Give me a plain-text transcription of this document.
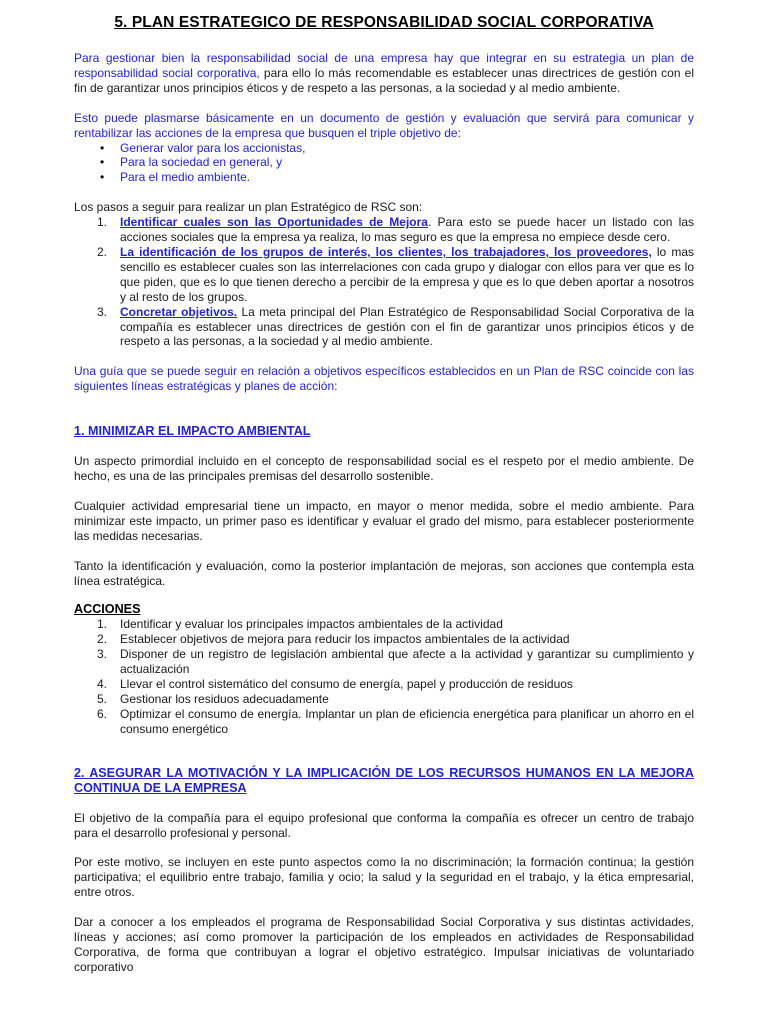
5. PLAN ESTRATEGICO DE RESPONSABILIDAD SOCIAL CORPORATIVA

Para gestionar bien la responsabilidad social de una empresa hay que integrar en su estrategia un plan de responsabilidad social corporativa, para ello lo más recomendable es establecer unas directrices de gestión con el fin de garantizar unos principios éticos y de respeto a las personas, a la sociedad y al medio ambiente.

Esto puede plasmarse básicamente en un documento de gestión y evaluación que servirá para comunicar y rentabilizar las acciones de la empresa que busquen el triple objetivo de:

• Generar valor para los accionistas,
• Para la sociedad en general, y
• Para el medio ambiente.

Los pasos a seguir para realizar un plan Estratégico de RSC son:

1. Identificar cuales son las Oportunidades de Mejora. Para esto se puede hacer un listado con las acciones sociales que la empresa ya realiza, lo mas seguro es que la empresa no empiece desde cero.
2. La identificación de los grupos de interés, los clientes, los trabajadores, los proveedores, lo mas sencillo es establecer cuales son las interrelaciones con cada grupo y dialogar con ellos para ver que es lo que piden, que es lo que tienen derecho a percibir de la empresa y que es lo que deben aportar a nosotros y al resto de los grupos.
3. Concretar objetivos. La meta principal del Plan Estratégico de Responsabilidad Social Corporativa de la compañía es establecer unas directrices de gestión con el fin de garantizar unos principios éticos y de respeto a las personas, a la sociedad y al medio ambiente.

Una guía que se puede seguir en relación a objetivos específicos establecidos en un Plan de RSC coincide con las siguientes líneas estratégicas y planes de acción:

1. MINIMIZAR EL IMPACTO AMBIENTAL

Un aspecto primordial incluido en el concepto de responsabilidad social es el respeto por el medio ambiente. De hecho, es una de las principales premisas del desarrollo sostenible.

Cualquier actividad empresarial tiene un impacto, en mayor o menor medida, sobre el medio ambiente. Para minimizar este impacto, un primer paso es identificar y evaluar el grado del mismo, para establecer posteriormente las medidas necesarias.

Tanto la identificación y evaluación, como la posterior implantación de mejoras, son acciones que contempla esta línea estratégica.

ACCIONES
1. Identificar y evaluar los principales impactos ambientales de la actividad
2. Establecer objetivos de mejora para reducir los impactos ambientales de la actividad
3. Disponer de un registro de legislación ambiental que afecte a la actividad y garantizar su cumplimiento y actualización
4. Llevar el control sistemático del consumo de energía, papel y producción de residuos
5. Gestionar los residuos adecuadamente
6. Optimizar el consumo de energía. Implantar un plan de eficiencia energética para planificar un ahorro en el consumo energético
2. ASEGURAR LA MOTIVACIÓN Y LA IMPLICACIÓN DE LOS RECURSOS HUMANOS EN LA MEJORA CONTINUA DE LA EMPRESA

El objetivo de la compañía para el equipo profesional que conforma la compañía es ofrecer un centro de trabajo para el desarrollo profesional y personal.

Por este motivo, se incluyen en este punto aspectos como la no discriminación; la formación continua; la gestión participativa; el equilibrio entre trabajo, familia y ocio; la salud y la seguridad en el trabajo, y la ética empresarial, entre otros.

Dar a conocer a los empleados el programa de Responsabilidad Social Corporativa y sus distintas actividades, líneas y acciones; así como promover la participación de los empleados en actividades de Responsabilidad Corporativa, de forma que contribuyan a lograr el objetivo estratégico. Impulsar iniciativas de voluntariado corporativo
